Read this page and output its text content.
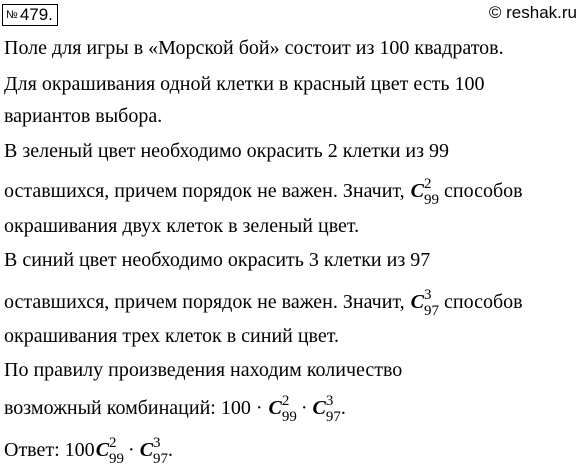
№ 479.	© reshak.ru
Поле для игры в «Морской бой» состоит из 100 квадратов.
Для окрашивания одной клетки в красный цвет есть 100
вариантов выбора.
В зеленый цвет необходимо окрасить 2 клетки из 99
оставшихся, причем порядок не важен. Значит, C 2
99 способов
окрашивания двух клеток в зеленый цвет.
В синий цвет необходимо окрасить 3 клетки из 97
оставшихся, причем порядок не важен. Значит, C 3
97 способов
окрашивания трех клеток в синий цвет.
По правилу произведения находим количество
возможный комбинаций: 100 · C 2
99 · C 3
97 .
Ответ: 100C 2
99 · C 3
97 .
